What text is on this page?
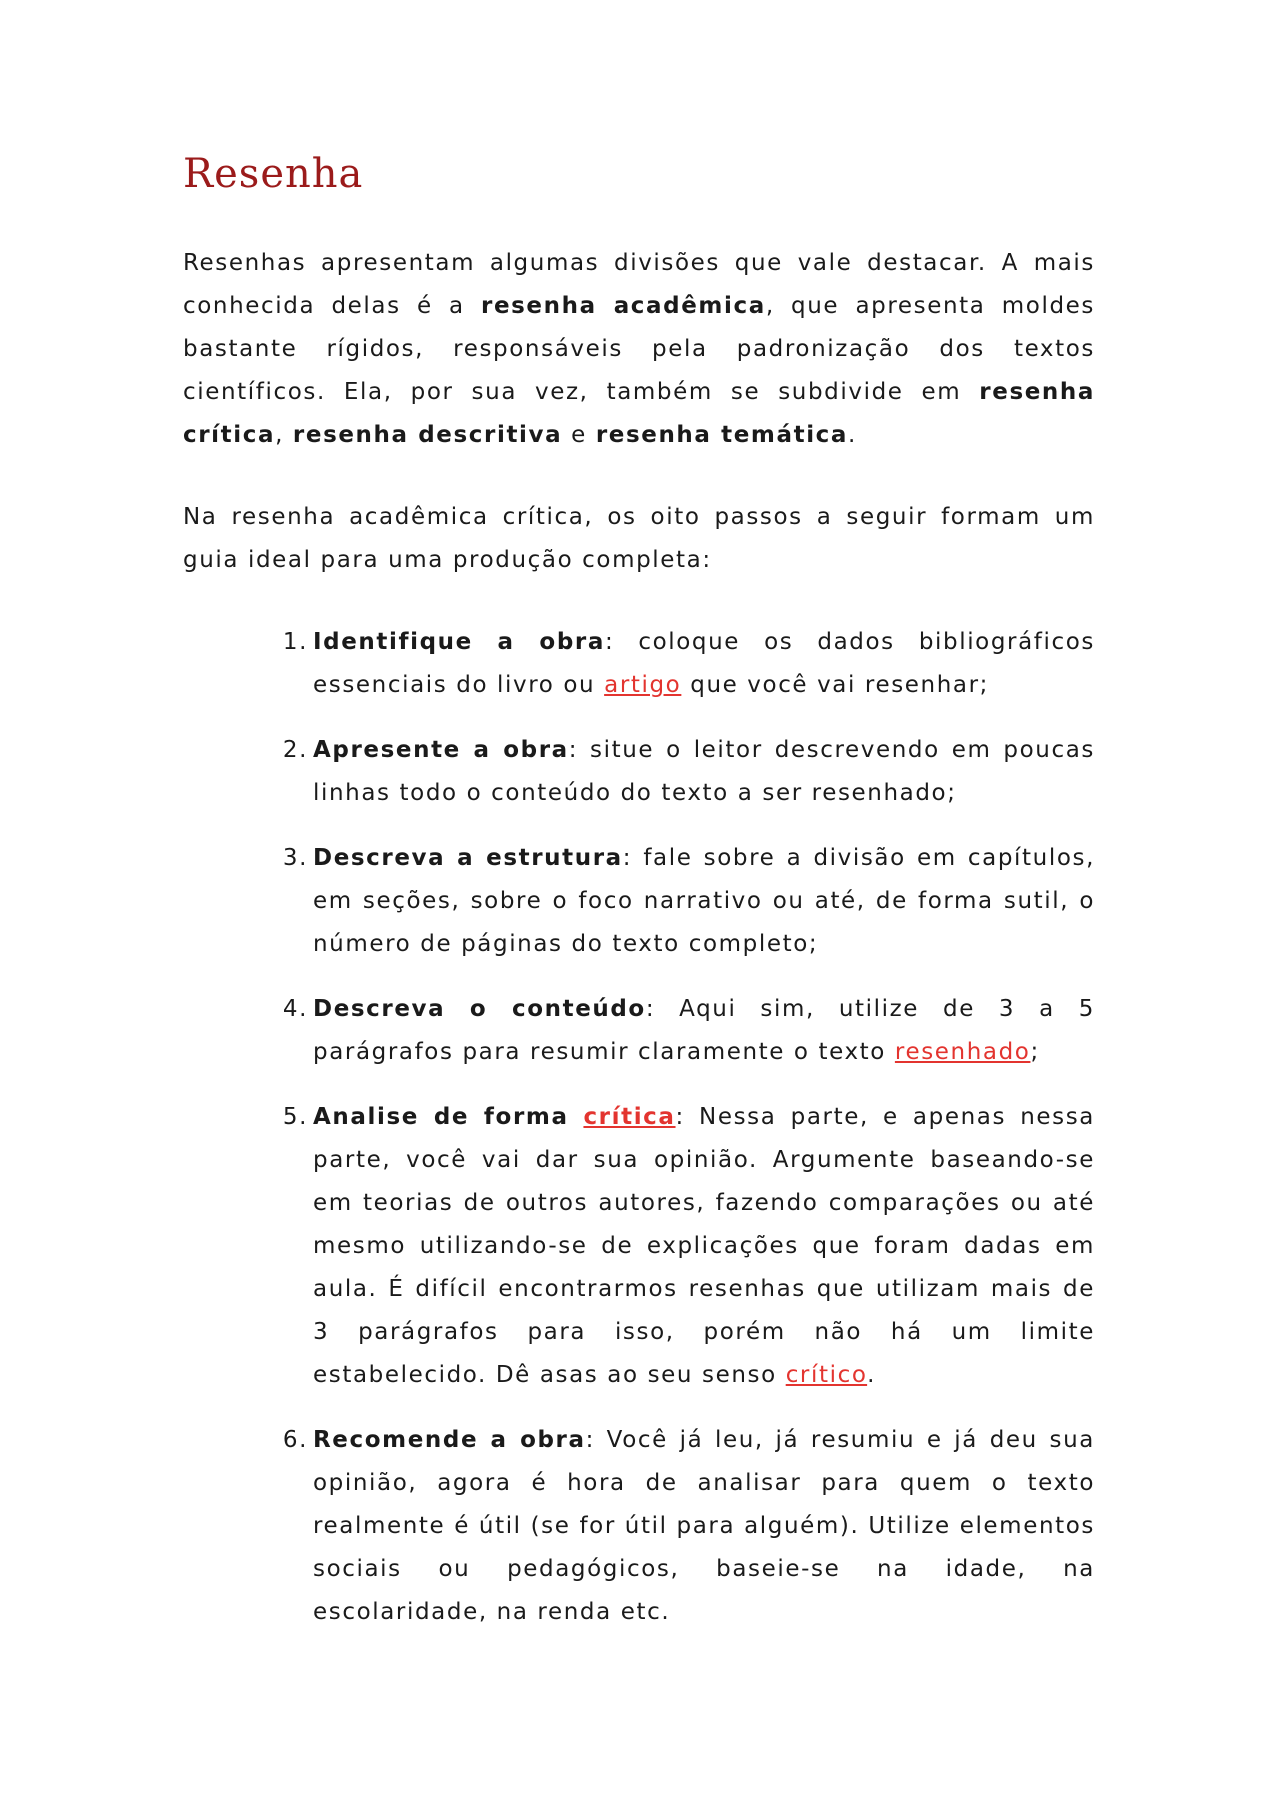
Resenha

Resenhas apresentam algumas divisões que vale destacar. A mais conhecida delas é a resenha acadêmica, que apresenta moldes bastante rígidos, responsáveis pela padronização dos textos científicos. Ela, por sua vez, também se subdivide em resenha crítica, resenha descritiva e resenha temática.

Na resenha acadêmica crítica, os oito passos a seguir formam um guia ideal para uma produção completa:

1. Identifique a obra: coloque os dados bibliográficos essenciais do livro ou artigo que você vai resenhar;

2. Apresente a obra: situe o leitor descrevendo em poucas linhas todo o conteúdo do texto a ser resenhado;

3. Descreva a estrutura: fale sobre a divisão em capítulos, em seções, sobre o foco narrativo ou até, de forma sutil, o número de páginas do texto completo;

4. Descreva o conteúdo: Aqui sim, utilize de 3 a 5 parágrafos para resumir claramente o texto resenhado;

5. Analise de forma crítica: Nessa parte, e apenas nessa parte, você vai dar sua opinião. Argumente baseando-se em teorias de outros autores, fazendo comparações ou até mesmo utilizando-se de explicações que foram dadas em aula. É difícil encontrarmos resenhas que utilizam mais de 3 parágrafos para isso, porém não há um limite estabelecido. Dê asas ao seu senso crítico.

6. Recomende a obra: Você já leu, já resumiu e já deu sua opinião, agora é hora de analisar para quem o texto realmente é útil (se for útil para alguém). Utilize elementos sociais ou pedagógicos, baseie-se na idade, na escolaridade, na renda etc.
